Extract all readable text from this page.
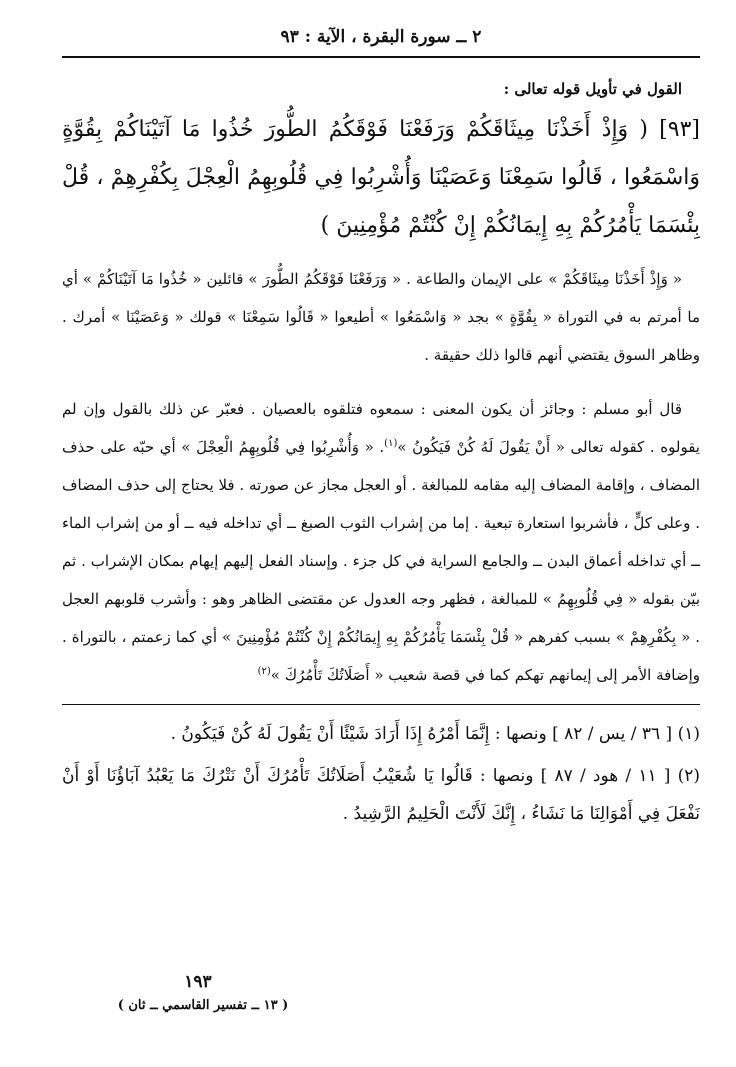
٢ ــ سورة البقرة ، الآية : ٩٣
القول في تأويل قوله تعالى :
[٩٣] ( وَإِذْ أَخَذْنَا مِيثَاقَكُمْ وَرَفَعْنَا فَوْقَكُمُ الطُّورَ خُذُوا مَا آتَيْنَاكُمْ بِقُوَّةٍ وَاسْمَعُوا ، قَالُوا سَمِعْنَا وَعَصَيْنَا وَأُشْرِبُوا فِي قُلُوبِهِمُ الْعِجْلَ بِكُفْرِهِمْ ، قُلْ بِئْسَمَا يَأْمُرُكُمْ بِهِ إِيمَانُكُمْ إِنْ كُنْتُمْ مُؤْمِنِينَ )

« وَإِذْ أَخَذْنَا مِيثَاقَكُمْ » على الإيمان والطاعة . « وَرَفَعْنَا فَوْقَكُمُ الطُّورَ » قائلين « خُذُوا مَا آتَيْنَاكُمْ » أي ما أمرتم به في التوراة « بِقُوَّةٍ » بجد « وَاسْمَعُوا » أطيعوا « قَالُوا سَمِعْنَا » قولك « وَعَصَيْنَا » أمرك . وظاهر السوق يقتضي أنهم قالوا ذلك حقيقة .

قال أبو مسلم : وجائز أن يكون المعنى : سمعوه فتلقوه بالعصيان . فعبّر عن ذلك بالقول وإن لم يقولوه . كقوله تعالى « أَنْ يَقُولَ لَهُ كُنْ فَيَكُونُ »$^{(١)}$. « وَأُشْرِبُوا فِي قُلُوبِهِمُ الْعِجْلَ » أي حبّه على حذف المضاف ، وإقامة المضاف إليه مقامه للمبالغة . أو العجل مجاز عن صورته . فلا يحتاج إلى حذف المضاف . وعلى كلٍّ ، فأشربوا استعارة تبعية . إما من إشراب الثوب الصبغ ــ أي تداخله فيه ــ أو من إشراب الماء ــ أي تداخله أعماق البدن ــ والجامع السراية في كل جزء . وإسناد الفعل إليهم إيهام بمكان الإشراب . ثم بيّن بقوله « فِي قُلُوبِهِمُ » للمبالغة ، فظهر وجه العدول عن مقتضى الظاهر وهو : وأشرب قلوبهم العجل . « بِكُفْرِهِمْ » بسبب كفرهم « قُلْ بِئْسَمَا يَأْمُرُكُمْ بِهِ إِيمَانُكُمْ إِنْ كُنْتُمْ مُؤْمِنِينَ » أي كما زعمتم ، بالتوراة . وإضافة الأمر إلى إيمانهم تهكم كما في قصة شعيب « أَصَلَاتُكَ تَأْمُرُكَ »$^{(٢)}$

(١) [ ٣٦ / يس / ٨٢ ] ونصها : إِنَّمَا أَمْرُهُ إِذَا أَرَادَ شَيْئًا أَنْ يَقُولَ لَهُ كُنْ فَيَكُونُ .

(٢) [ ١١ / هود / ٨٧ ] ونصها : قَالُوا يَا شُعَيْبُ أَصَلَاتُكَ تَأْمُرُكَ أَنْ نَتْرُكَ مَا يَعْبُدُ آبَاؤُنَا أَوْ أَنْ نَفْعَلَ فِي أَمْوَالِنَا مَا نَشَاءُ ، إِنَّكَ لَأَنْتَ الْحَلِيمُ الرَّشِيدُ .

١٩٣
( ١٣ ــ تفسير القاسمي ــ ثان )
